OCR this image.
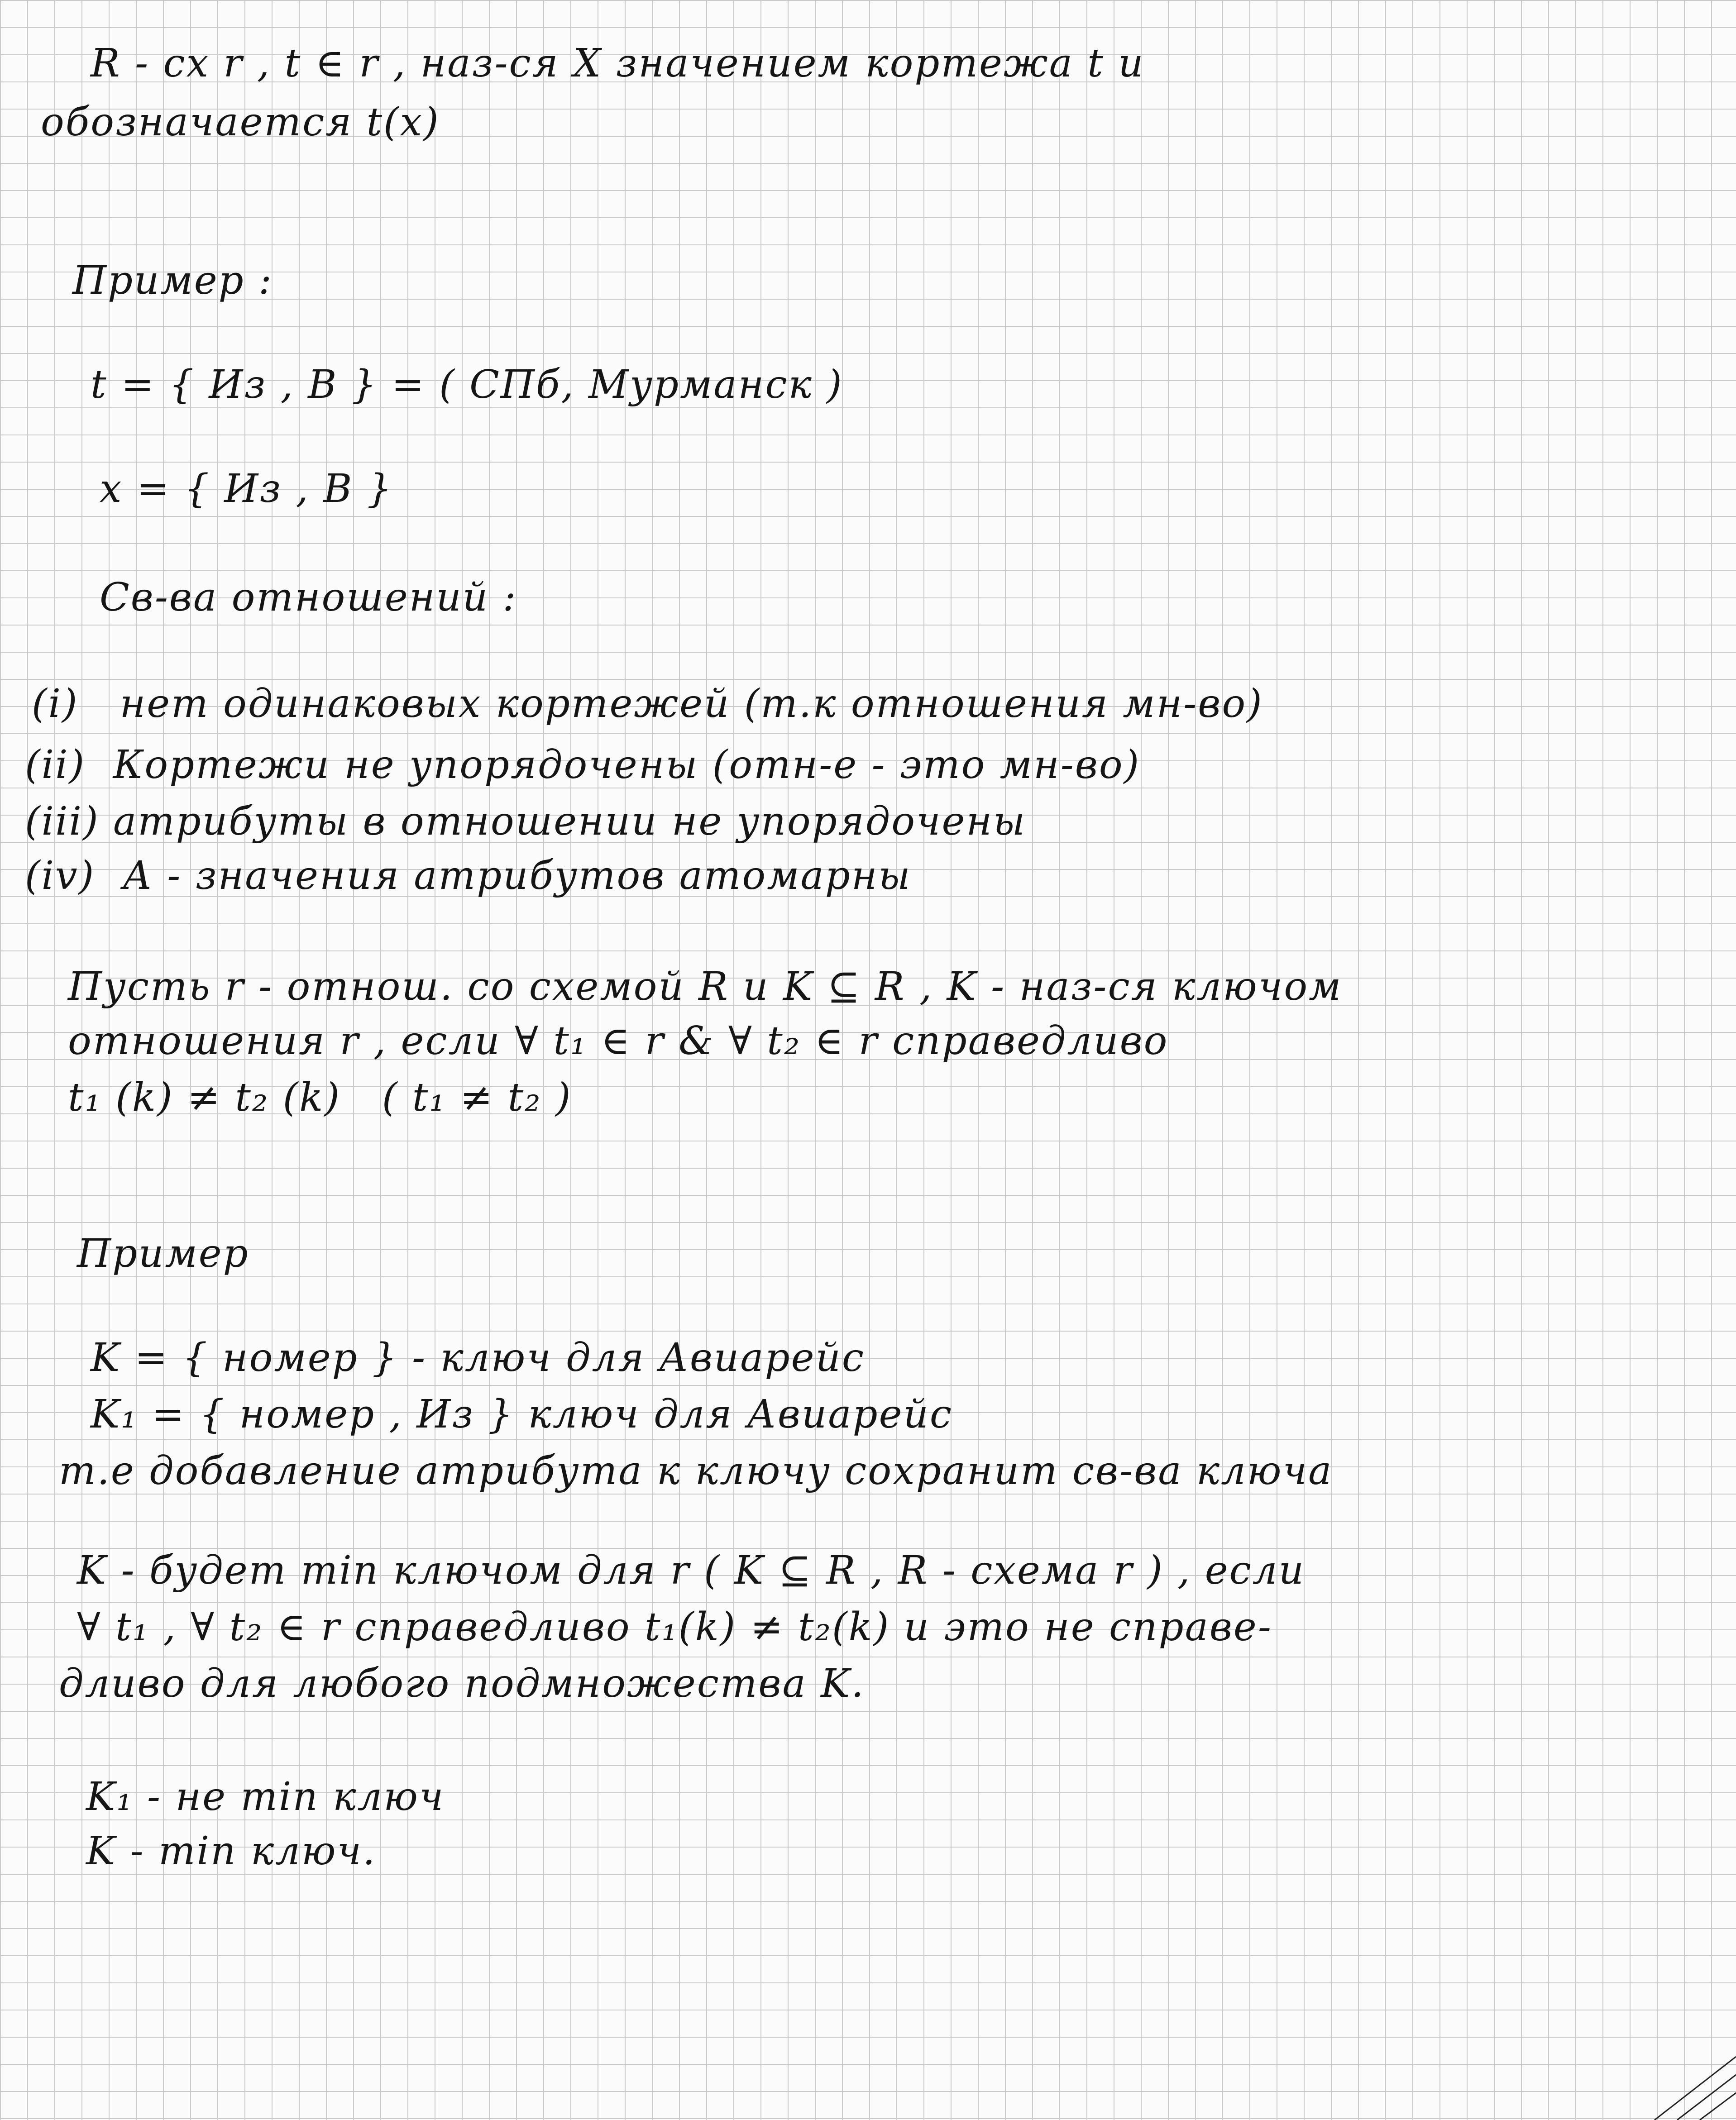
R - сх r , t ∈ r , наз-ся X значением кортежа t и
обозначается t(x)
Пример :
t = { Из , В } = ( СПб, Мурманск )
x = { Из , В }
Св-ва отношений :
(i)   нет одинаковых кортежей (т.к отношения мн-во)
(ii)  Кортежи не упорядочены (отн-е - это мн-во)
(iii) атрибуты в отношении не упорядочены
(iv)  А - значения атрибутов атомарны
Пусть r - отнош. со схемой R и K ⊆ R , K - наз-ся ключом
отношения r , если ∀ t₁ ∈ r & ∀ t₂ ∈ r справедливо
t₁ (k) ≠ t₂ (k)   ( t₁ ≠ t₂ )
Пример
K = { номер } - ключ для Авиарейс
K₁ = { номер , Из } ключ для Авиарейс
т.е добавление атрибута к ключу сохранит св-ва ключа
K - будет min ключом для r ( K ⊆ R , R - схема r ) , если
∀ t₁ , ∀ t₂ ∈ r справедливо t₁(k) ≠ t₂(k) и это не справе-
дливо для любого подмножества K.
K₁ - не min ключ
K - min ключ.
